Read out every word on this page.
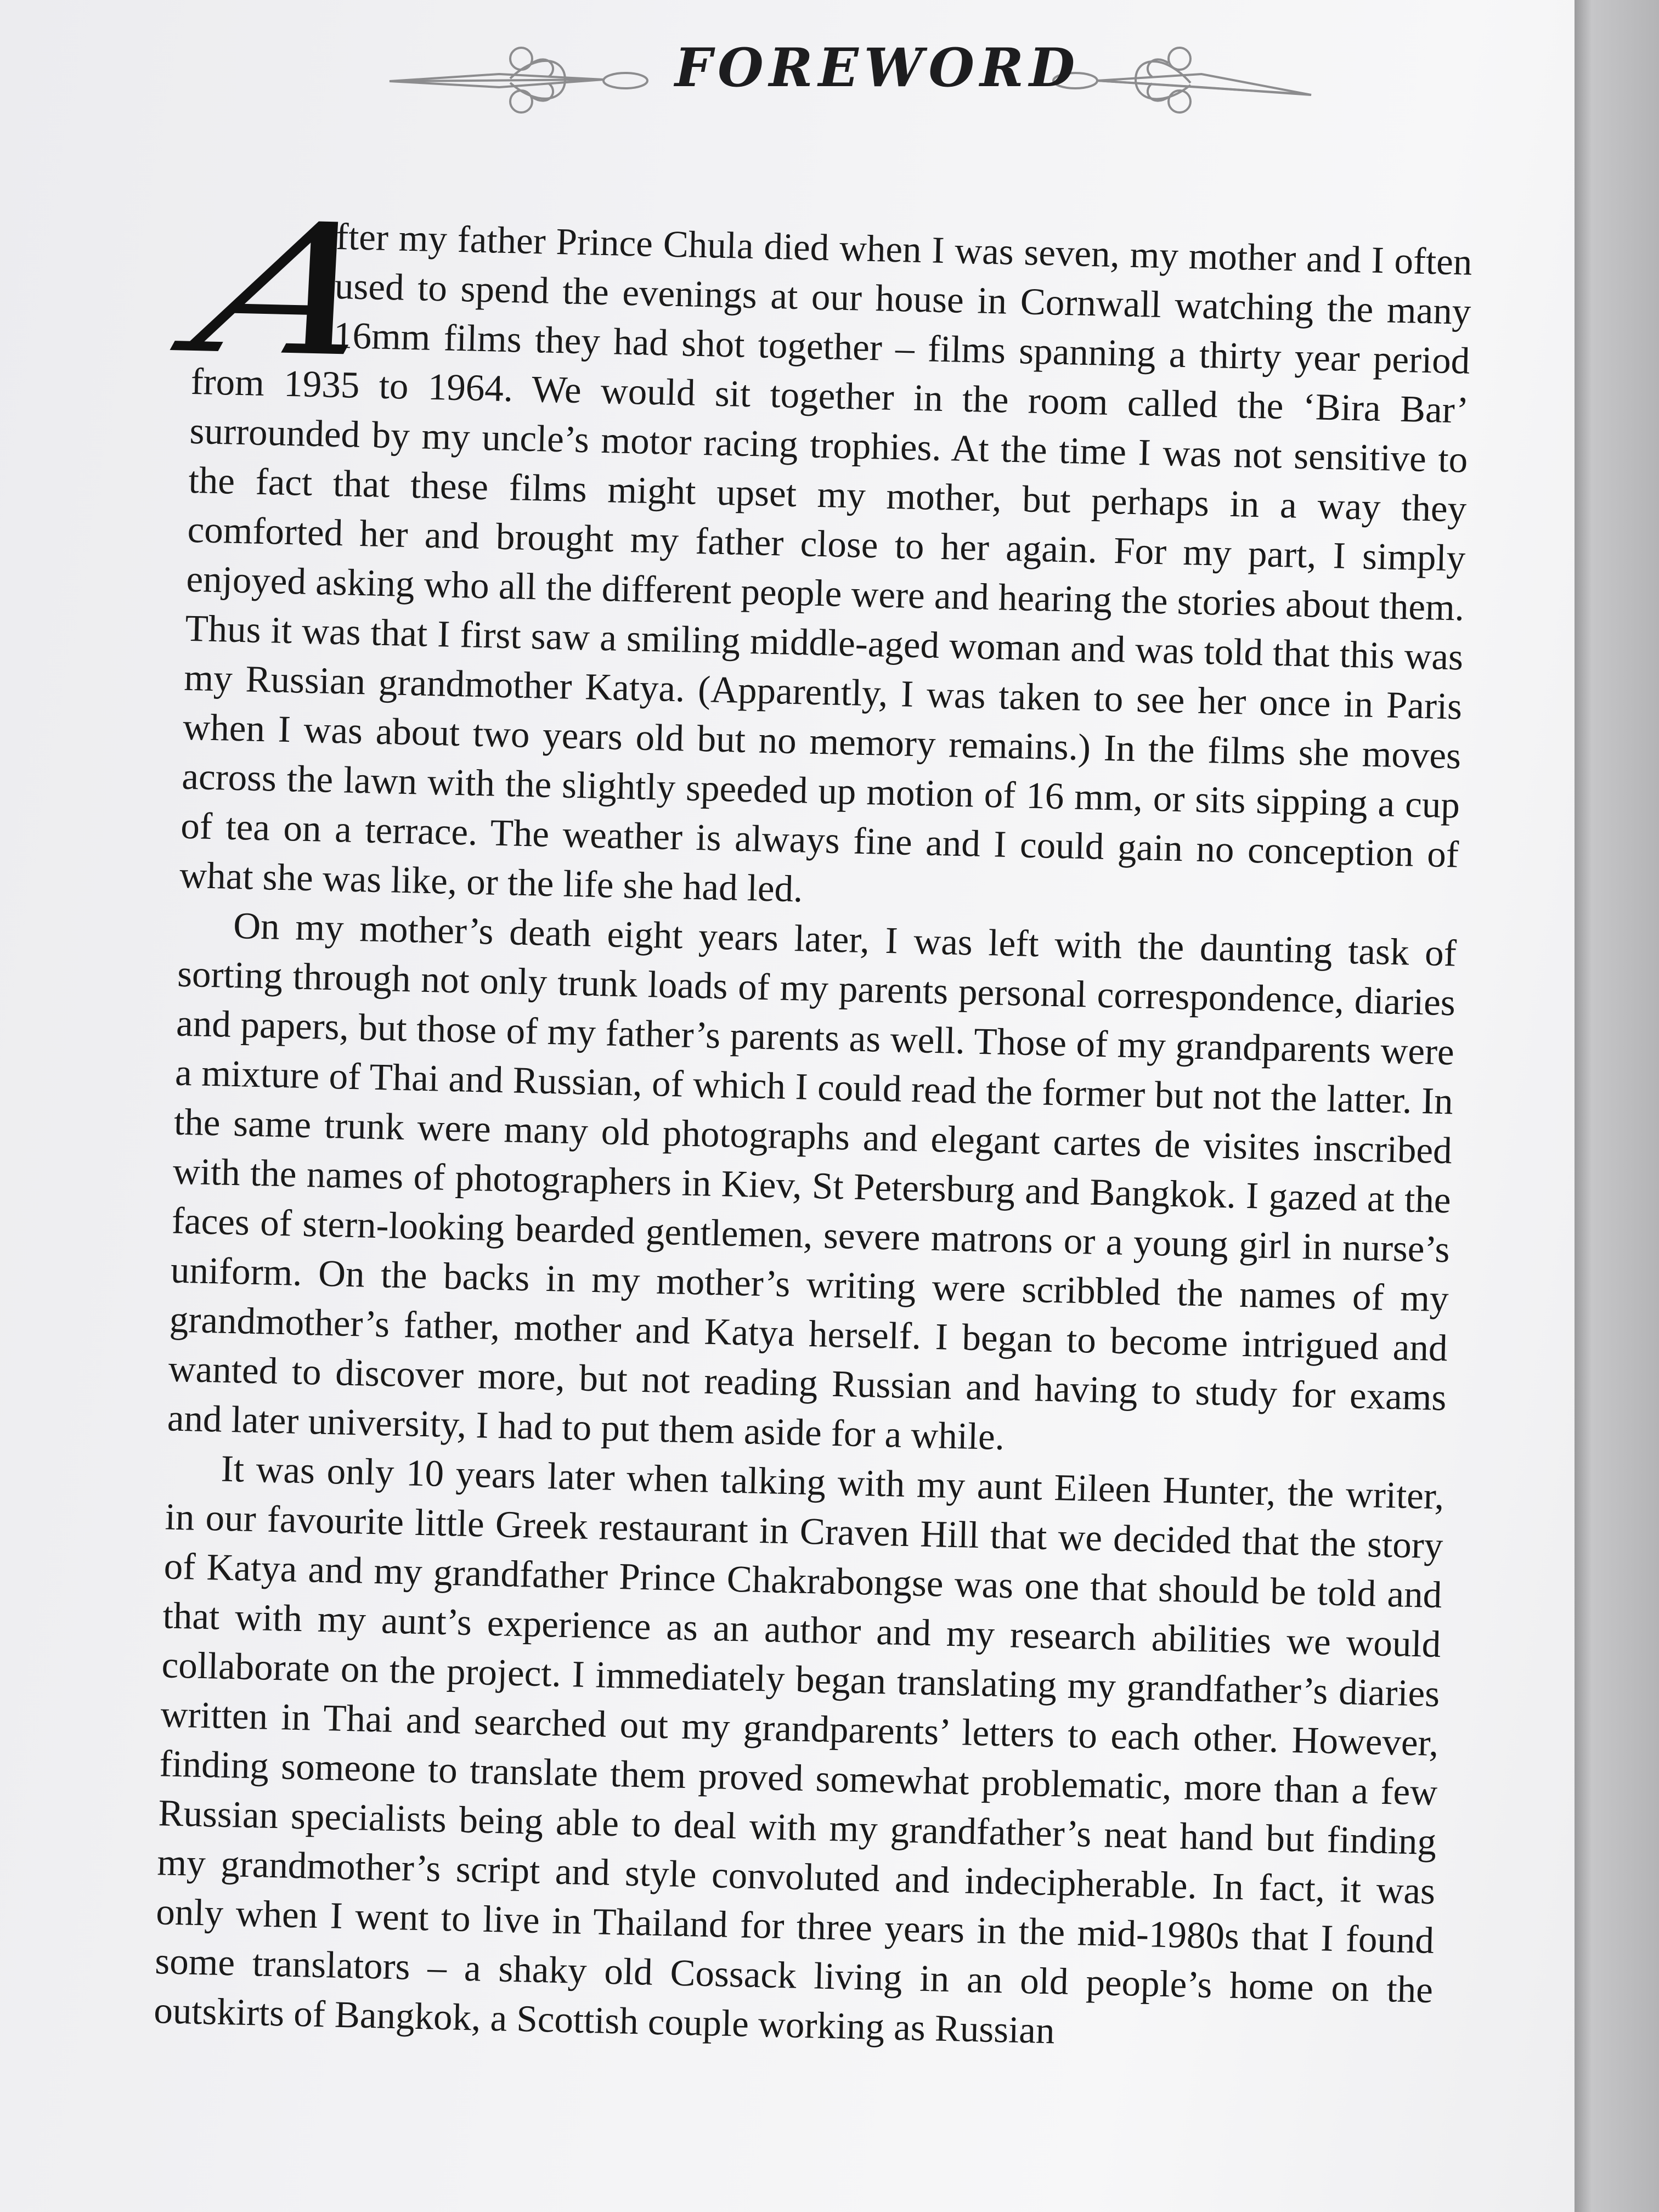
FOREWORD

A
fter my father Prince Chula died when I was seven, my mother and I often used to spend the evenings at our house in Cornwall watching the many 16mm films they had shot together – films spanning a thirty year period from 1935 to 1964. We would sit together in the room called the ‘Bira Bar’ surrounded by my uncle’s motor racing trophies. At the time I was not sensitive to the fact that these films might upset my mother, but perhaps in a way they comforted her and brought my father close to her again. For my part, I simply enjoyed asking who all the different people were and hearing the stories about them. Thus it was that I first saw a smiling middle-aged woman and was told that this was my Russian grandmother Katya. (Apparently, I was taken to see her once in Paris when I was about two years old but no memory remains.) In the films she moves across the lawn with the slightly speeded up motion of 16 mm, or sits sipping a cup of tea on a terrace. The weather is always fine and I could gain no conception of what she was like, or the life she had led.

On my mother’s death eight years later, I was left with the daunting task of sorting through not only trunk loads of my parents personal correspondence, diaries and papers, but those of my father’s parents as well. Those of my grandparents were a mixture of Thai and Russian, of which I could read the former but not the latter. In the same trunk were many old photographs and elegant cartes de visites inscribed with the names of photographers in Kiev, St Petersburg and Bangkok. I gazed at the faces of stern-looking bearded gentlemen, severe matrons or a young girl in nurse’s uniform. On the backs in my mother’s writing were scribbled the names of my grandmother’s father, mother and Katya herself. I began to become intrigued and wanted to discover more, but not reading Russian and having to study for exams and later university, I had to put them aside for a while.

It was only 10 years later when talking with my aunt Eileen Hunter, the writer, in our favourite little Greek restaurant in Craven Hill that we decided that the story of Katya and my grandfather Prince Chakrabongse was one that should be told and that with my aunt’s experience as an author and my research abilities we would collaborate on the project. I immediately began translating my grandfather’s diaries written in Thai and searched out my grandparents’ letters to each other. However, finding someone to translate them proved somewhat problematic, more than a few Russian specialists being able to deal with my grandfather’s neat hand but finding my grandmother’s script and style convoluted and indecipherable. In fact, it was only when I went to live in Thailand for three years in the mid-1980s that I found some translators – a shaky old Cossack living in an old people’s home on the outskirts of Bangkok, a Scottish couple working as Russian
